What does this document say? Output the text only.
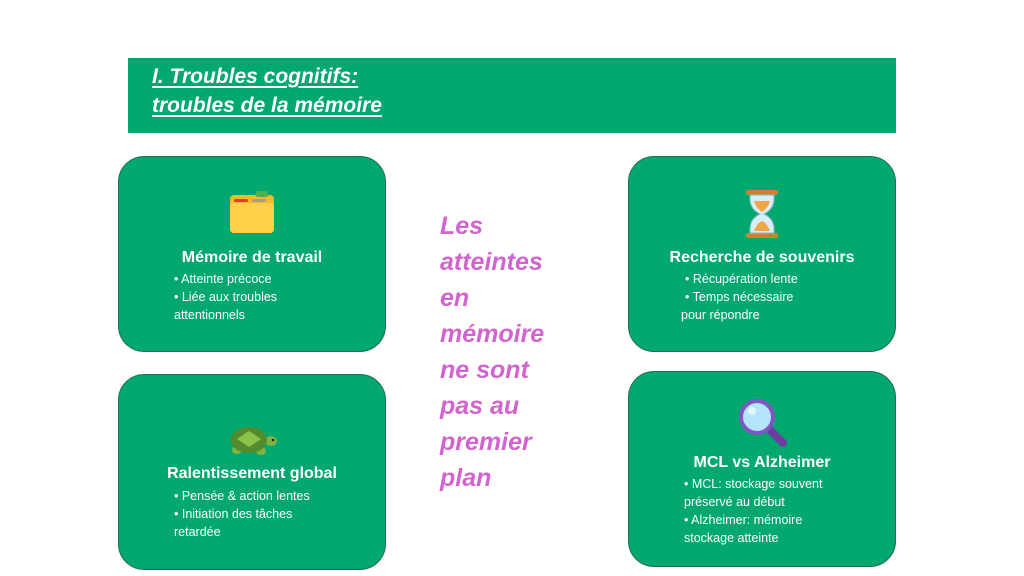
I. Troubles cognitifs:
troubles de la mémoire
Mémoire de travail
• Atteinte précoce
• Liée aux troubles
attentionnels
Recherche de souvenirs
• Récupération lente
• Temps nécessaire
pour répondre
Ralentissement global
• Pensée & action lentes
• Initiation des tâches
retardée
MCL vs Alzheimer
• MCL: stockage souvent
préservé au début
• Alzheimer: mémoire
stockage atteinte
Les
atteintes
en
mémoire
ne sont
pas au
premier
plan
